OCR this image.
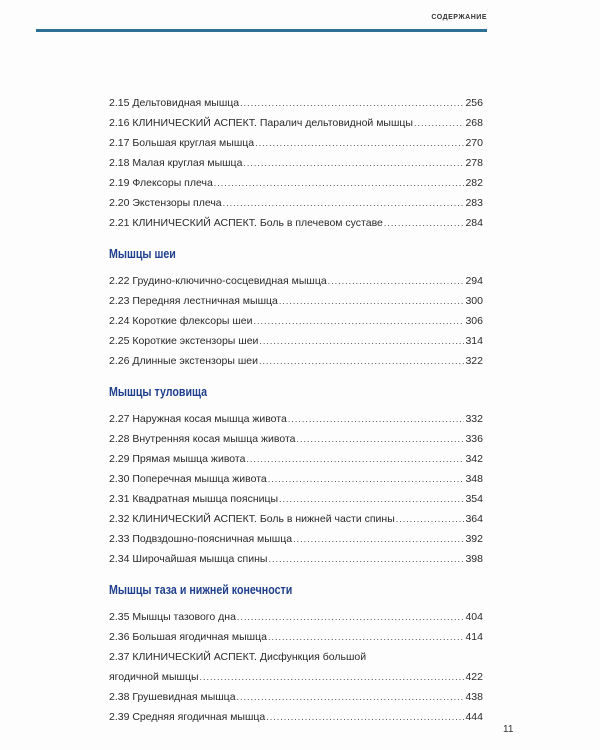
СОДЕРЖАНИЕ
2.15 Дельтовидная мышца .....	256
2.16 КЛИНИЧЕСКИЙ АСПЕКТ. Паралич дельтовидной мышцы .....	268
2.17 Большая круглая мышца .....	270
2.18 Малая круглая мышца .....	278
2.19 Флексоры плеча .....	282
2.20 Экстензоры плеча .....	283
2.21 КЛИНИЧЕСКИЙ АСПЕКТ. Боль в плечевом суставе .....	284
Мышцы шеи
2.22 Грудино-ключично-сосцевидная мышца .....	294
2.23 Передняя лестничная мышца .....	300
2.24 Короткие флексоры шеи .....	306
2.25 Короткие экстензоры шеи .....	314
2.26 Длинные экстензоры шеи .....	322
Мышцы туловища
2.27 Наружная косая мышца живота .....	332
2.28 Внутренняя косая мышца живота .....	336
2.29 Прямая мышца живота .....	342
2.30 Поперечная мышца живота .....	348
2.31 Квадратная мышца поясницы .....	354
2.32 КЛИНИЧЕСКИЙ АСПЕКТ. Боль в нижней части спины .....	364
2.33 Подвздошно-поясничная мышца .....	392
2.34 Широчайшая мышца спины .....	398
Мышцы таза и нижней конечности
2.35 Мышцы тазового дна .....	404
2.36 Большая ягодичная мышца .....	414
2.37 КЛИНИЧЕСКИЙ АСПЕКТ. Дисфункция большой
ягодичной мышцы .....	422
2.38 Грушевидная мышца .....	438
2.39 Средняя ягодичная мышца .....	444
11
